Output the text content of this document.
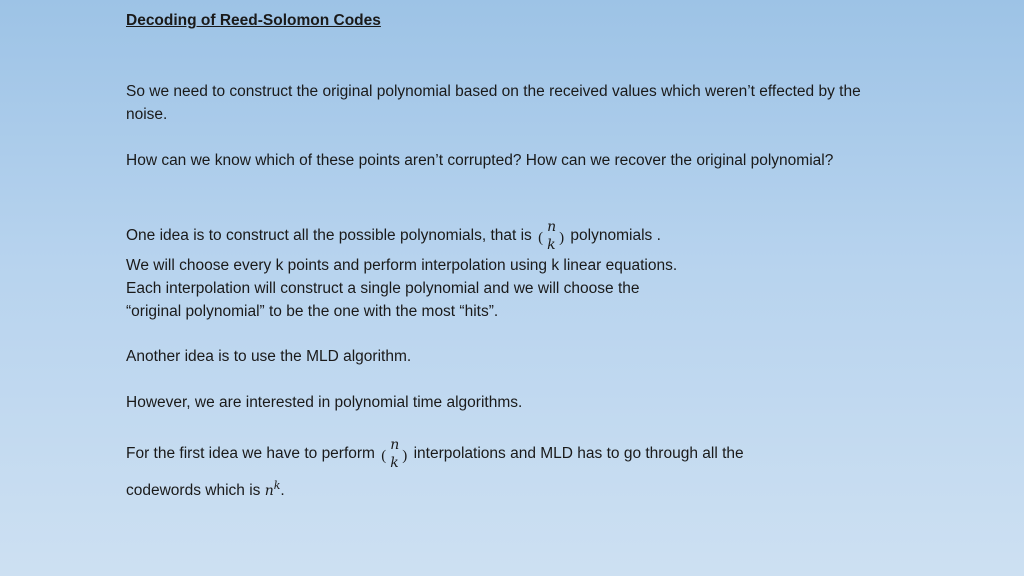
Decoding of Reed-Solomon Codes
So we need to construct the original polynomial based on the received values which weren’t effected by the noise.
How can we know which of these points aren’t corrupted? How can we recover the original polynomial?
One idea is to construct all the possible polynomials, that is (
n
k ) polynomials .
We will choose every k points and perform interpolation using k linear equations.
Each interpolation will construct a single polynomial and we will choose the
“original polynomial” to be the one with the most “hits”.
Another idea is to use the MLD algorithm.
However, we are interested in polynomial time algorithms.
For the first idea we have to perform (
n
k ) interpolations and MLD has to go through all the
codewords which is $n^k$.
